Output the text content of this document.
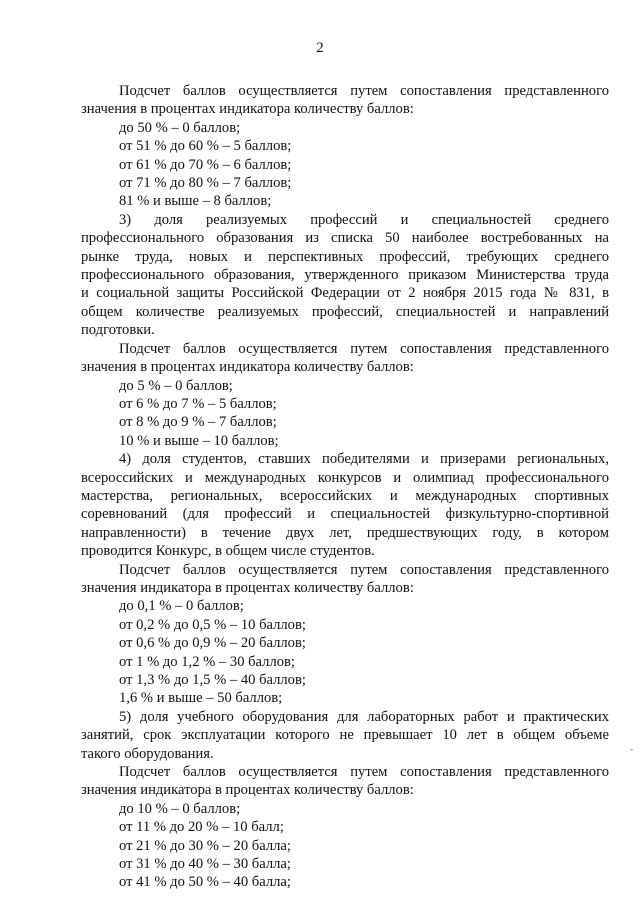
2
Подсчет баллов осуществляется путем сопоставления представленного
значения в процентах индикатора количеству баллов:
до 50 % – 0 баллов;
от 51 % до 60 % – 5 баллов;
от 61 % до 70 % – 6 баллов;
от 71 % до 80 % – 7 баллов;
81 % и выше – 8 баллов;
3) доля реализуемых профессий и специальностей среднего
профессионального образования из списка 50 наиболее востребованных на
рынке труда, новых и перспективных профессий, требующих среднего
профессионального образования, утвержденного приказом Министерства труда
и социальной защиты Российской Федерации от 2 ноября 2015 года № 831, в
общем количестве реализуемых профессий, специальностей и направлений
подготовки.
Подсчет баллов осуществляется путем сопоставления представленного
значения в процентах индикатора количеству баллов:
до 5 % – 0 баллов;
от 6 % до 7 % – 5 баллов;
от 8 % до 9 % – 7 баллов;
10 % и выше – 10 баллов;
4) доля студентов, ставших победителями и призерами региональных,
всероссийских и международных конкурсов и олимпиад профессионального
мастерства, региональных, всероссийских и международных спортивных
соревнований (для профессий и специальностей физкультурно-спортивной
направленности) в течение двух лет, предшествующих году, в котором
проводится Конкурс, в общем числе студентов.
Подсчет баллов осуществляется путем сопоставления представленного
значения индикатора в процентах количеству баллов:
до 0,1 % – 0 баллов;
от 0,2 % до 0,5 % – 10 баллов;
от 0,6 % до 0,9 % – 20 баллов;
от 1 % до 1,2 % – 30 баллов;
от 1,3 % до 1,5 % – 40 баллов;
1,6 % и выше – 50 баллов;
5) доля учебного оборудования для лабораторных работ и практических
занятий, срок эксплуатации которого не превышает 10 лет в общем объеме
такого оборудования.
Подсчет баллов осуществляется путем сопоставления представленного
значения индикатора в процентах количеству баллов:
до 10 % – 0 баллов;
от 11 % до 20 % – 10 балл;
от 21 % до 30 % – 20 балла;
от 31 % до 40 % – 30 балла;
от 41 % до 50 % – 40 балла;
-
